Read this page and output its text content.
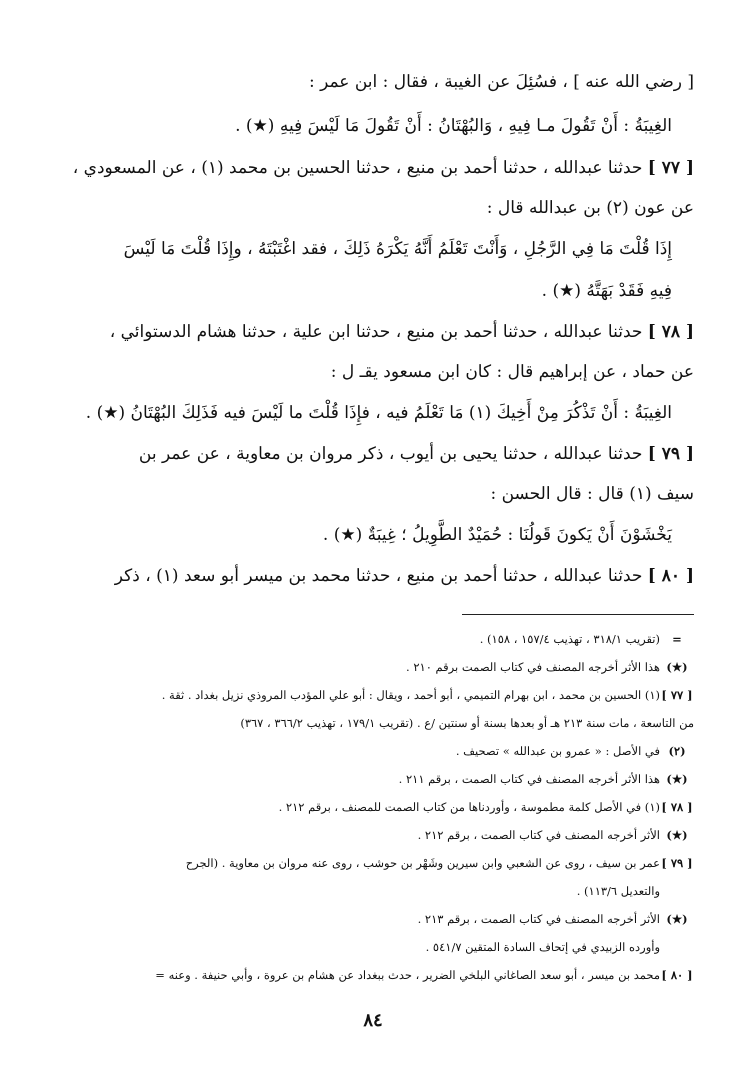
[ رضي الله عنه ] ، فسُئِلَ عن الغيبة ، فقال : ابن عمر :

الغِيبَةُ : أَنْ تَقُولَ مـا فِيهِ ، وَالبُهْتَانُ : أَنْ تَقُولَ مَا لَيْسَ فِيهِ (★) .

[ ٧٧ ] حدثنا عبدالله ، حدثنا أحمد بن منيع ، حدثنا الحسين بن محمد (١) ، عن المسعودي ،

عن عون (٢) بن عبدالله قال :

إِذَا قُلْتَ مَا فِي الرَّجُلِ ، وَأَنْتَ تَعْلَمُ أَنَّهُ يَكْرَهُ ذَلِكَ ، فقد اغْتَبْتَهُ ، وإِذَا قُلْتَ مَا لَيْسَ

فِيهِ فَقَدْ بَهَتَّهُ (★) .

[ ٧٨ ] حدثنا عبدالله ، حدثنا أحمد بن منيع ، حدثنا ابن علية ، حدثنا هشام الدستوائي ،

عن حماد ، عن إبراهيم قال : كان ابن مسعود يقـ ل :

الغِيبَةُ : أَنْ تَذْكُرَ مِنْ أَخِيكَ (١) مَا تَعْلَمُ فيه ، فإِذَا قُلْتَ ما لَيْسَ فيه فَذَلِكَ البُهْتَانُ (★) .

[ ٧٩ ] حدثنا عبدالله ، حدثنا يحيى بن أيوب ، ذكر مروان بن معاوية ، عن عمر بن

سيف (١) قال : قال الحسن :

يَخْشَوْنَ أَنْ يَكونَ قَولُنَا : حُمَيْدٌ الطَّوِيلُ ؛ غِيبَةٌ (★) .

[ ٨٠ ] حدثنا عبدالله ، حدثنا أحمد بن منيع ، حدثنا محمد بن ميسر أبو سعد (١) ، ذكر

=
(تقريب ٣١٨/١ ، تهذيب ١٥٧/٤ ، ١٥٨) .
(★)
هذا الأثر أخرجه المصنف في كتاب الصمت برقم ٢١٠ .
[ ٧٧ ]
(١) الحسين بن محمد ، ابن بهرام التميمي ، أبو أحمد ، ويقال : أبو علي المؤدب المروذي نزيل بغداد . ثقة .
من التاسعة ، مات سنة ٢١٣ هـ أو بعدها بسنة أو سنتين /ع . (تقريب ١٧٩/١ ، تهذيب ٣٦٦/٢ ، ٣٦٧)
(٢)
في الأصل : « عمرو بن عبدالله » تصحيف .
(★)
هذا الأثر أخرجه المصنف في كتاب الصمت ، برقم ٢١١ .
[ ٧٨ ]
(١) في الأصل كلمة مطموسة ، وأوردناها من كتاب الصمت للمصنف ، برقم ٢١٢ .
(★)
الأثر أخرجه المصنف في كتاب الصمت ، برقم ٢١٢ .
[ ٧٩ ]
عمر بن سيف ، روى عن الشعبي وابن سيرين وشَهْر بن حوشب ، روى عنه مروان بن معاوية . (الجرح
والتعديل ١١٣/٦) .
(★)
الأثر أخرجه المصنف في كتاب الصمت ، برقم ٢١٣ .
وأورده الزبيدي في إتحاف السادة المتقين ٥٤١/٧ .
[ ٨٠ ]
محمد بن ميسر ، أبو سعد الصاغاني البلخي الضرير ، حدث ببغداد عن هشام بن عروة ، وأبي حنيفة . وعنه =
٨٤
